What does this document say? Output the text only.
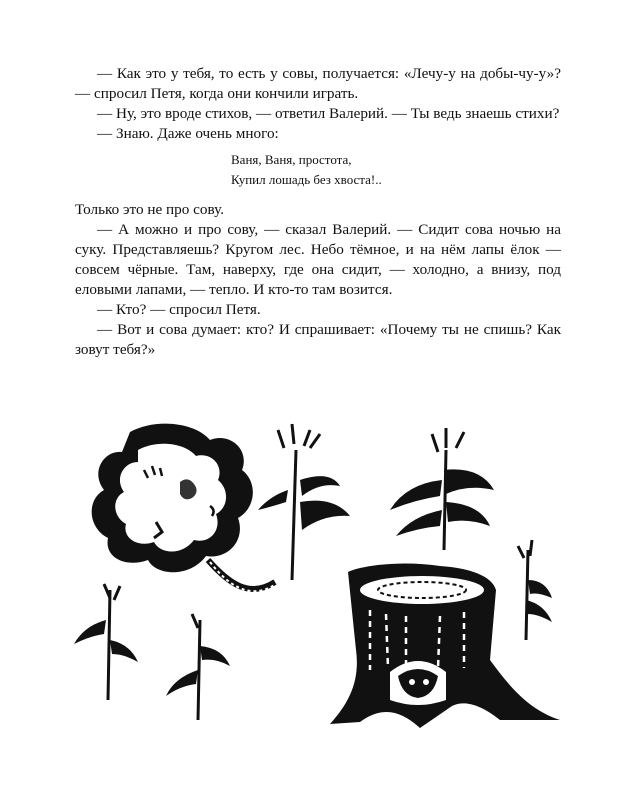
— Как это у тебя, то есть у совы, получается: «Лечу-у на добы-чу-у»? — спросил Петя, когда они кончили играть.

— Ну, это вроде стихов, — ответил Валерий. — Ты ведь знаешь стихи?

— Знаю. Даже очень много:

Ваня, Ваня, простота,
Купил лошадь без хвоста!..

Только это не про сову.

— А можно и про сову, — сказал Валерий. — Сидит сова ночью на суку. Представляешь? Кругом лес. Небо тёмное, и на нём лапы ёлок — совсем чёрные. Там, наверху, где она сидит, — холодно, а внизу, под еловыми лапами, — тепло. И кто-то там возится.

— Кто? — спросил Петя.

— Вот и сова думает: кто? И спрашивает: «Почему ты не спишь? Как зовут тебя?»
